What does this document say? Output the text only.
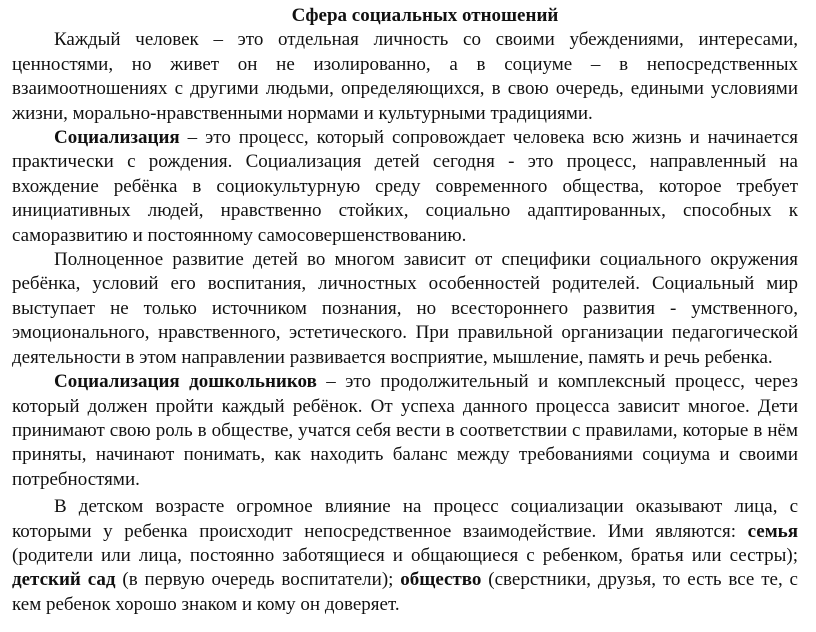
Сфера социальных отношений

Каждый человек – это отдельная личность со своими убеждениями, интересами, ценностями, но живет он не изолированно, а в социуме – в непосредственных взаимоотношениях с другими людьми, определяющихся, в свою очередь, едиными условиями жизни, морально-нравственными нормами и культурными традициями.

Социализация – это процесс, который сопровождает человека всю жизнь и начинается практически с рождения. Социализация детей сегодня - это процесс, направленный на вхождение ребёнка в социокультурную среду современного общества, которое требует инициативных людей, нравственно стойких, социально адаптированных, способных к саморазвитию и постоянному самосовершенствованию.

Полноценное развитие детей во многом зависит от специфики социального окружения ребёнка, условий его воспитания, личностных особенностей родителей. Социальный мир выступает не только источником познания, но всестороннего развития - умственного, эмоционального, нравственного, эстетического. При правильной организации педагогической деятельности в этом направлении развивается восприятие, мышление, память и речь ребенка.

Социализация дошкольников – это продолжительный и комплексный процесс, через который должен пройти каждый ребёнок. От успеха данного процесса зависит многое. Дети принимают свою роль в обществе, учатся себя вести в соответствии с правилами, которые в нём приняты, начинают понимать, как находить баланс между требованиями социума и своими потребностями.

В детском возрасте огромное влияние на процесс социализации оказывают лица, с которыми у ребенка происходит непосредственное взаимодействие. Ими являются: семья (родители или лица, постоянно заботящиеся и общающиеся с ребенком, братья или сестры); детский сад (в первую очередь воспитатели); общество (сверстники, друзья, то есть все те, с кем ребенок хорошо знаком и кому он доверяет.
